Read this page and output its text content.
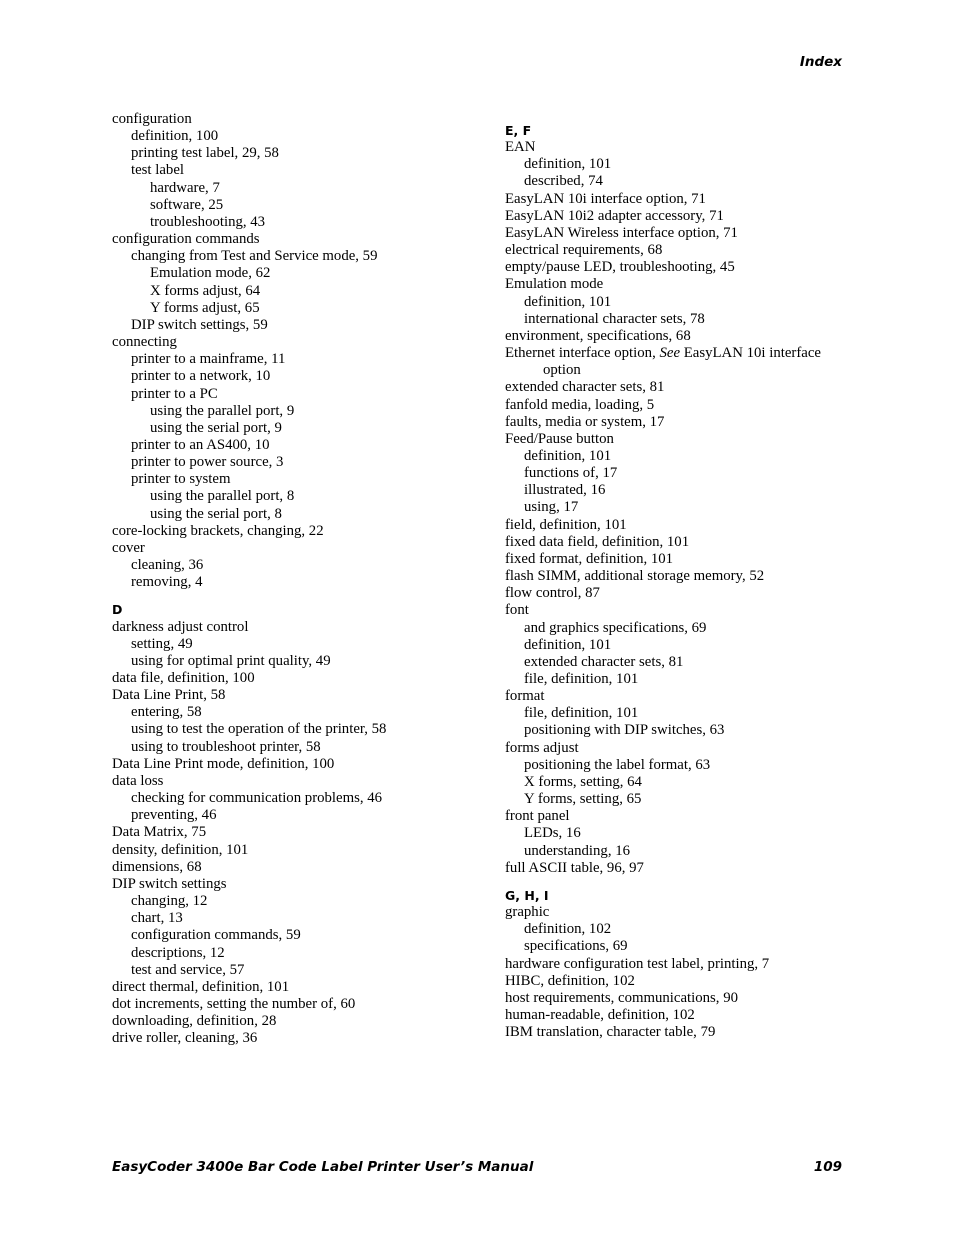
Index
configuration
definition, 100
printing test label, 29, 58
test label
hardware, 7
software, 25
troubleshooting, 43
configuration commands
changing from Test and Service mode, 59
Emulation mode, 62
X forms adjust, 64
Y forms adjust, 65
DIP switch settings, 59
connecting
printer to a mainframe, 11
printer to a network, 10
printer to a PC
using the parallel port, 9
using the serial port, 9
printer to an AS400, 10
printer to power source, 3
printer to system
using the parallel port, 8
using the serial port, 8
core-locking brackets, changing, 22
cover
cleaning, 36
removing, 4
D
darkness adjust control
setting, 49
using for optimal print quality, 49
data file, definition, 100
Data Line Print, 58
entering, 58
using to test the operation of the printer, 58
using to troubleshoot printer, 58
Data Line Print mode, definition, 100
data loss
checking for communication problems, 46
preventing, 46
Data Matrix, 75
density, definition, 101
dimensions, 68
DIP switch settings
changing, 12
chart, 13
configuration commands, 59
descriptions, 12
test and service, 57
direct thermal, definition, 101
dot increments, setting the number of, 60
downloading, definition, 28
drive roller, cleaning, 36
E, F
EAN
definition, 101
described, 74
EasyLAN 10i interface option, 71
EasyLAN 10i2 adapter accessory, 71
EasyLAN Wireless interface option, 71
electrical requirements, 68
empty/pause LED, troubleshooting, 45
Emulation mode
definition, 101
international character sets, 78
environment, specifications, 68
Ethernet interface option, See EasyLAN 10i interface option
extended character sets, 81
fanfold media, loading, 5
faults, media or system, 17
Feed/Pause button
definition, 101
functions of, 17
illustrated, 16
using, 17
field, definition, 101
fixed data field, definition, 101
fixed format, definition, 101
flash SIMM, additional storage memory, 52
flow control, 87
font
and graphics specifications, 69
definition, 101
extended character sets, 81
file, definition, 101
format
file, definition, 101
positioning with DIP switches, 63
forms adjust
positioning the label format, 63
X forms, setting, 64
Y forms, setting, 65
front panel
LEDs, 16
understanding, 16
full ASCII table, 96, 97
G, H, I
graphic
definition, 102
specifications, 69
hardware configuration test label, printing, 7
HIBC, definition, 102
host requirements, communications, 90
human-readable, definition, 102
IBM translation, character table, 79
EasyCoder 3400e Bar Code Label Printer User’s Manual	109
